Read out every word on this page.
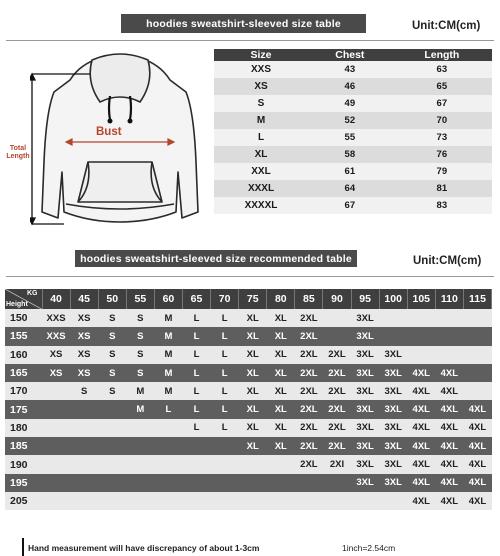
hoodies sweatshirt-sleeved size table	Unit:CM(cm)
Bust
Total
Length
Size	Chest	Length
XXS	43	63
XS	46	65
S	49	67
M	52	70
L	55	73
XL	58	76
XXL	61	79
XXXL	64	81
XXXXL	67	83
hoodies sweatshirt-sleeved size recommended table	Unit:CM(cm)
KG
Height	40	45	50	55	60	65	70	75	80	85	90	95	100	105	110	115
150	XXS	XS	S	S	M	L	L	XL	XL	2XL		3XL				
155	XXS	XS	S	S	M	L	L	XL	XL	2XL		3XL				
160	XS	XS	S	S	M	L	L	XL	XL	2XL	2XL	3XL	3XL			
165	XS	XS	S	S	M	L	L	XL	XL	2XL	2XL	3XL	3XL	4XL	4XL	
170		S	S	M	M	L	L	XL	XL	2XL	2XL	3XL	3XL	4XL	4XL	
175				M	L	L	L	XL	XL	2XL	2XL	3XL	3XL	4XL	4XL	4XL
180						L	L	XL	XL	2XL	2XL	3XL	3XL	4XL	4XL	4XL
185								XL	XL	2XL	2XL	3XL	3XL	4XL	4XL	4XL
190										2XL	2XI	3XL	3XL	4XL	4XL	4XL
195												3XL	3XL	4XL	4XL	4XL
205														4XL	4XL	4XL
Hand measurement will have discrepancy of about 1-3cm	1inch=2.54cm
